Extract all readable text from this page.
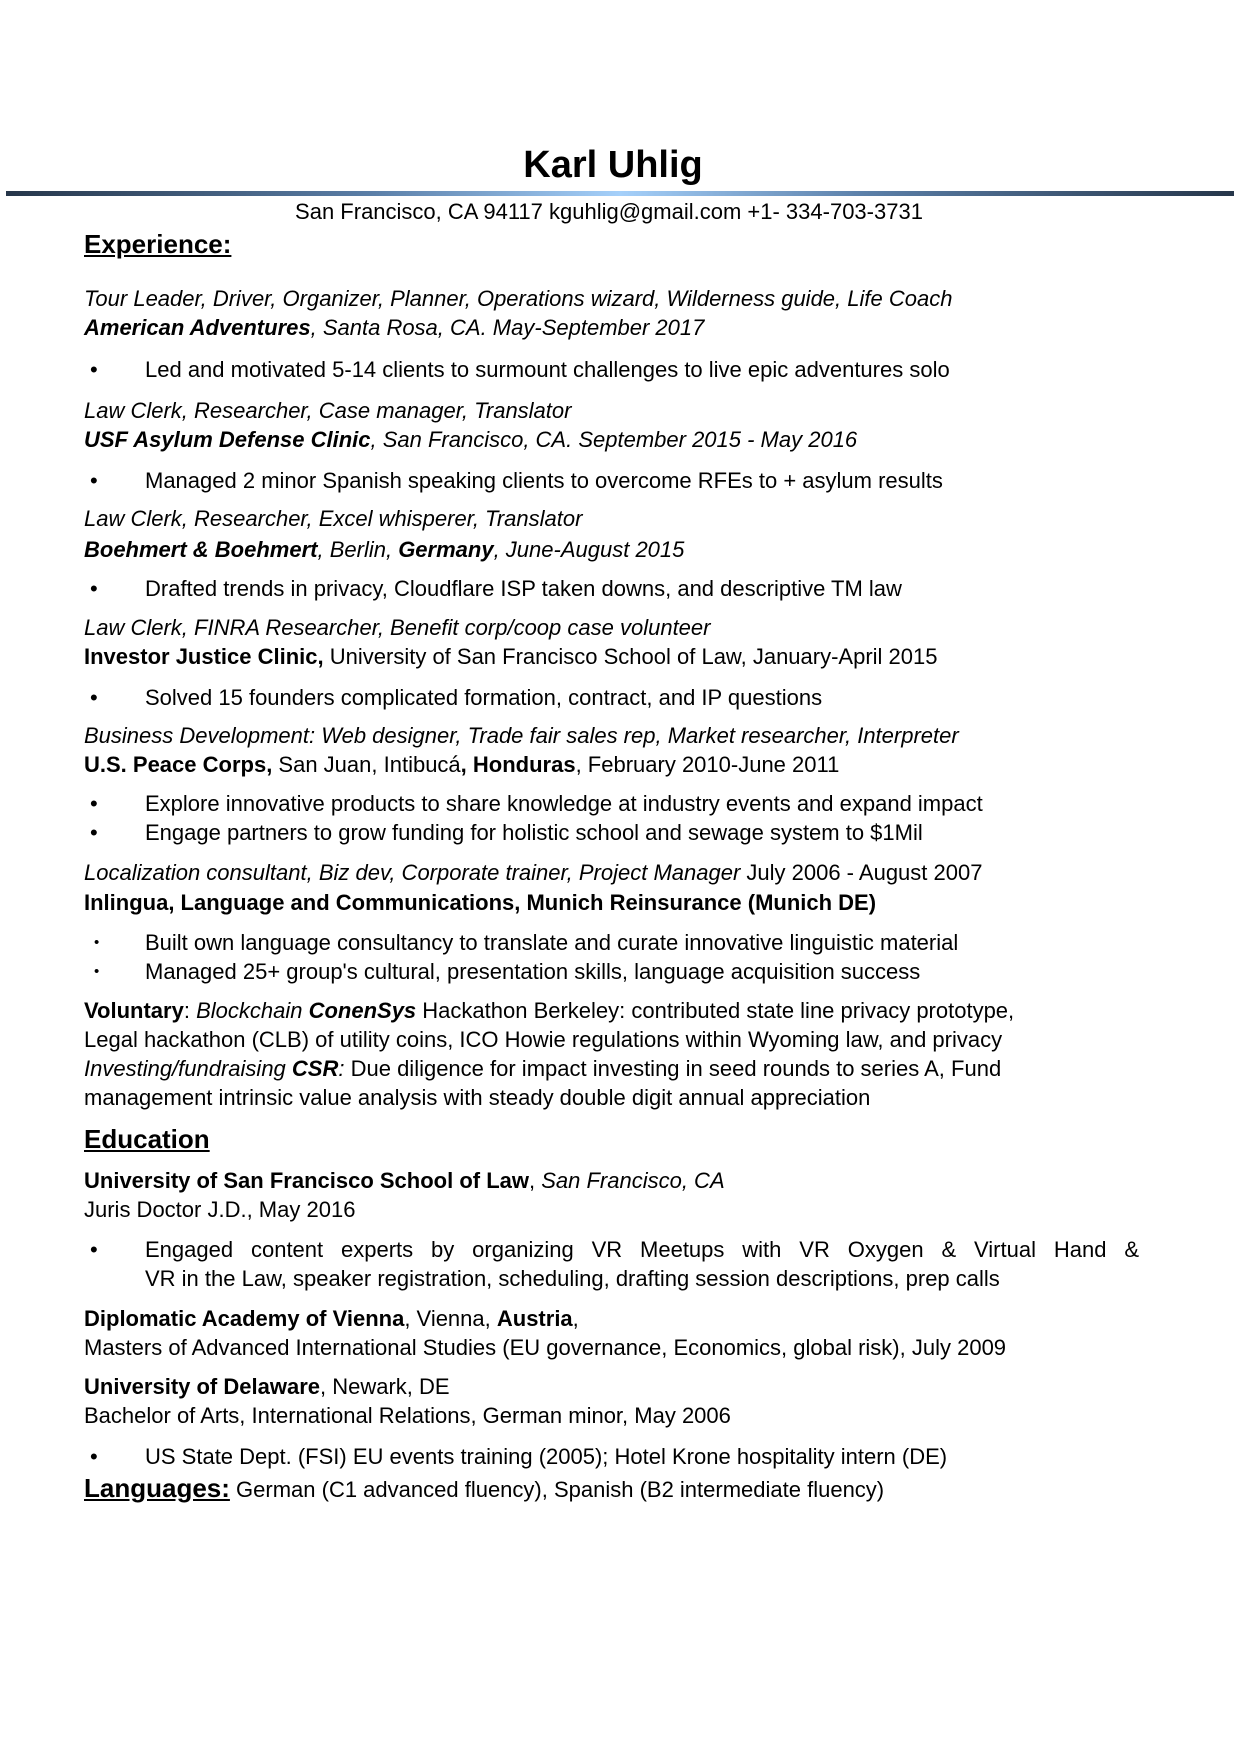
Karl Uhlig
San Francisco, CA 94117 kguhlig@gmail.com +1- 334-703-3731
Experience:
Tour Leader, Driver, Organizer, Planner, Operations wizard, Wilderness guide, Life Coach
American Adventures, Santa Rosa, CA. May-September 2017
• Led and motivated 5-14 clients to surmount challenges to live epic adventures solo
Law Clerk, Researcher, Case manager, Translator
USF Asylum Defense Clinic, San Francisco, CA. September 2015 - May 2016
• Managed 2 minor Spanish speaking clients to overcome RFEs to + asylum results
Law Clerk, Researcher, Excel whisperer, Translator
Boehmert & Boehmert, Berlin, Germany, June-August 2015
• Drafted trends in privacy, Cloudflare ISP taken downs, and descriptive TM law
Law Clerk, FINRA Researcher, Benefit corp/coop case volunteer
Investor Justice Clinic, University of San Francisco School of Law, January-April 2015
• Solved 15 founders complicated formation, contract, and IP questions
Business Development: Web designer, Trade fair sales rep, Market researcher, Interpreter
U.S. Peace Corps, San Juan, Intibucá, Honduras, February 2010-June 2011
• Explore innovative products to share knowledge at industry events and expand impact
• Engage partners to grow funding for holistic school and sewage system to $1Mil
Localization consultant, Biz dev, Corporate trainer, Project Manager July 2006 - August 2007
Inlingua, Language and Communications, Munich Reinsurance (Munich DE)
• Built own language consultancy to translate and curate innovative linguistic material
• Managed 25+ group's cultural, presentation skills, language acquisition success
Voluntary: Blockchain ConenSys Hackathon Berkeley: contributed state line privacy prototype,
Legal hackathon (CLB) of utility coins, ICO Howie regulations within Wyoming law, and privacy
Investing/fundraising CSR: Due diligence for impact investing in seed rounds to series A, Fund
management intrinsic value analysis with steady double digit annual appreciation
Education
University of San Francisco School of Law, San Francisco, CA
Juris Doctor J.D., May 2016
• Engaged content experts by organizing VR Meetups with VR Oxygen & Virtual Hand &
VR in the Law, speaker registration, scheduling, drafting session descriptions, prep calls
Diplomatic Academy of Vienna, Vienna, Austria,
Masters of Advanced International Studies (EU governance, Economics, global risk), July 2009
University of Delaware, Newark, DE
Bachelor of Arts, International Relations, German minor, May 2006
• US State Dept. (FSI) EU events training (2005); Hotel Krone hospitality intern (DE)
Languages: German (C1 advanced fluency), Spanish (B2 intermediate fluency)
